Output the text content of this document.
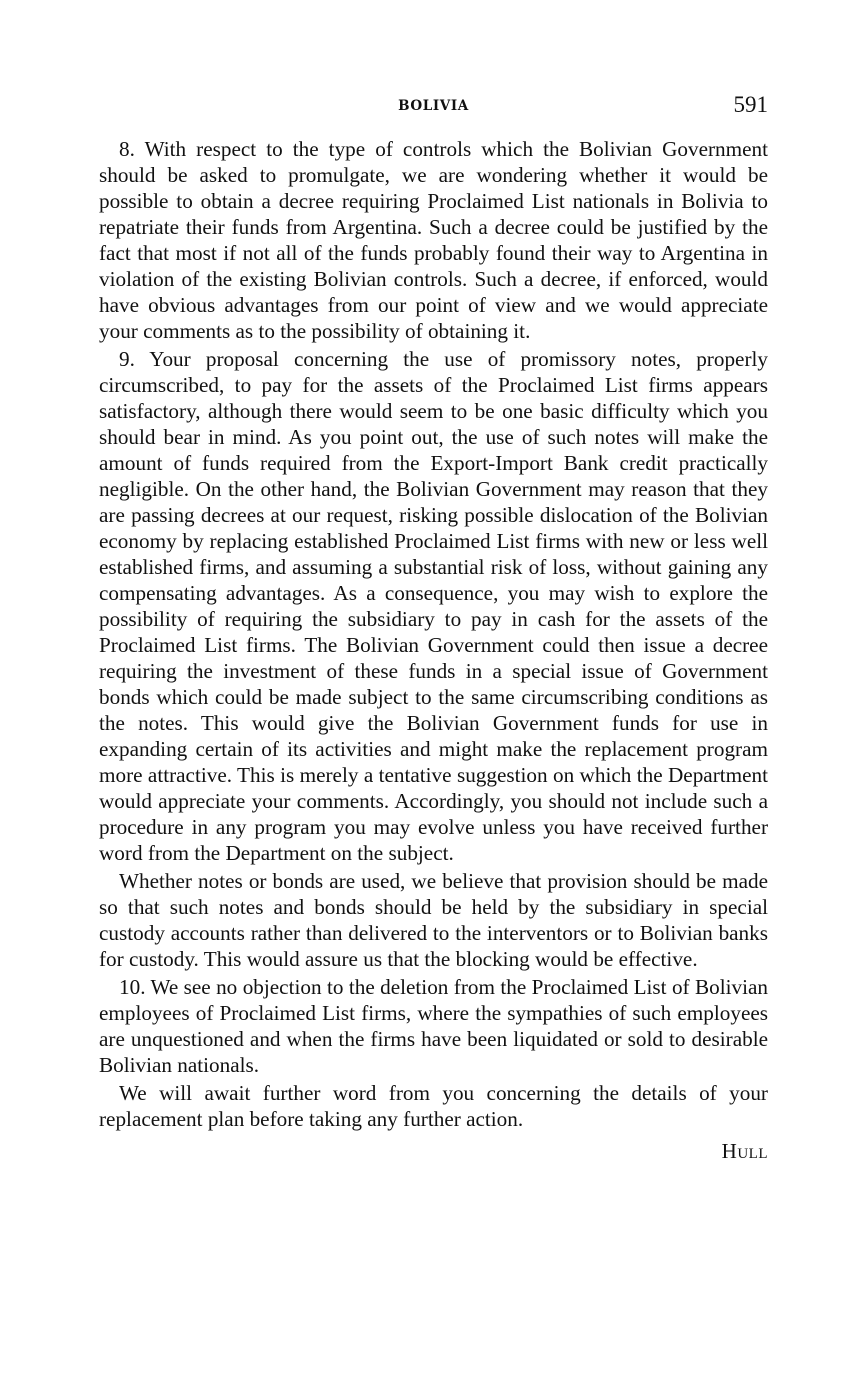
BOLIVIA	591

8. With respect to the type of controls which the Bolivian Government should be asked to promulgate, we are wondering whether it would be possible to obtain a decree requiring Proclaimed List nationals in Bolivia to repatriate their funds from Argentina. Such a decree could be justified by the fact that most if not all of the funds probably found their way to Argentina in violation of the existing Bolivian controls. Such a decree, if enforced, would have obvious advantages from our point of view and we would appreciate your comments as to the possibility of obtaining it.

9. Your proposal concerning the use of promissory notes, properly circumscribed, to pay for the assets of the Proclaimed List firms appears satisfactory, although there would seem to be one basic difficulty which you should bear in mind. As you point out, the use of such notes will make the amount of funds required from the Export-Import Bank credit practically negligible. On the other hand, the Bolivian Government may reason that they are passing decrees at our request, risking possible dislocation of the Bolivian economy by replacing established Proclaimed List firms with new or less well established firms, and assuming a substantial risk of loss, without gaining any compensating advantages. As a consequence, you may wish to explore the possibility of requiring the subsidiary to pay in cash for the assets of the Proclaimed List firms. The Bolivian Government could then issue a decree requiring the investment of these funds in a special issue of Government bonds which could be made subject to the same circumscribing conditions as the notes. This would give the Bolivian Government funds for use in expanding certain of its activities and might make the replacement program more attractive. This is merely a tentative suggestion on which the Department would appreciate your comments. Accordingly, you should not include such a procedure in any program you may evolve unless you have received further word from the Department on the subject.

Whether notes or bonds are used, we believe that provision should be made so that such notes and bonds should be held by the subsidiary in special custody accounts rather than delivered to the interventors or to Bolivian banks for custody. This would assure us that the blocking would be effective.

10. We see no objection to the deletion from the Proclaimed List of Bolivian employees of Proclaimed List firms, where the sympathies of such employees are unquestioned and when the firms have been liquidated or sold to desirable Bolivian nationals.

We will await further word from you concerning the details of your replacement plan before taking any further action.

Hull
